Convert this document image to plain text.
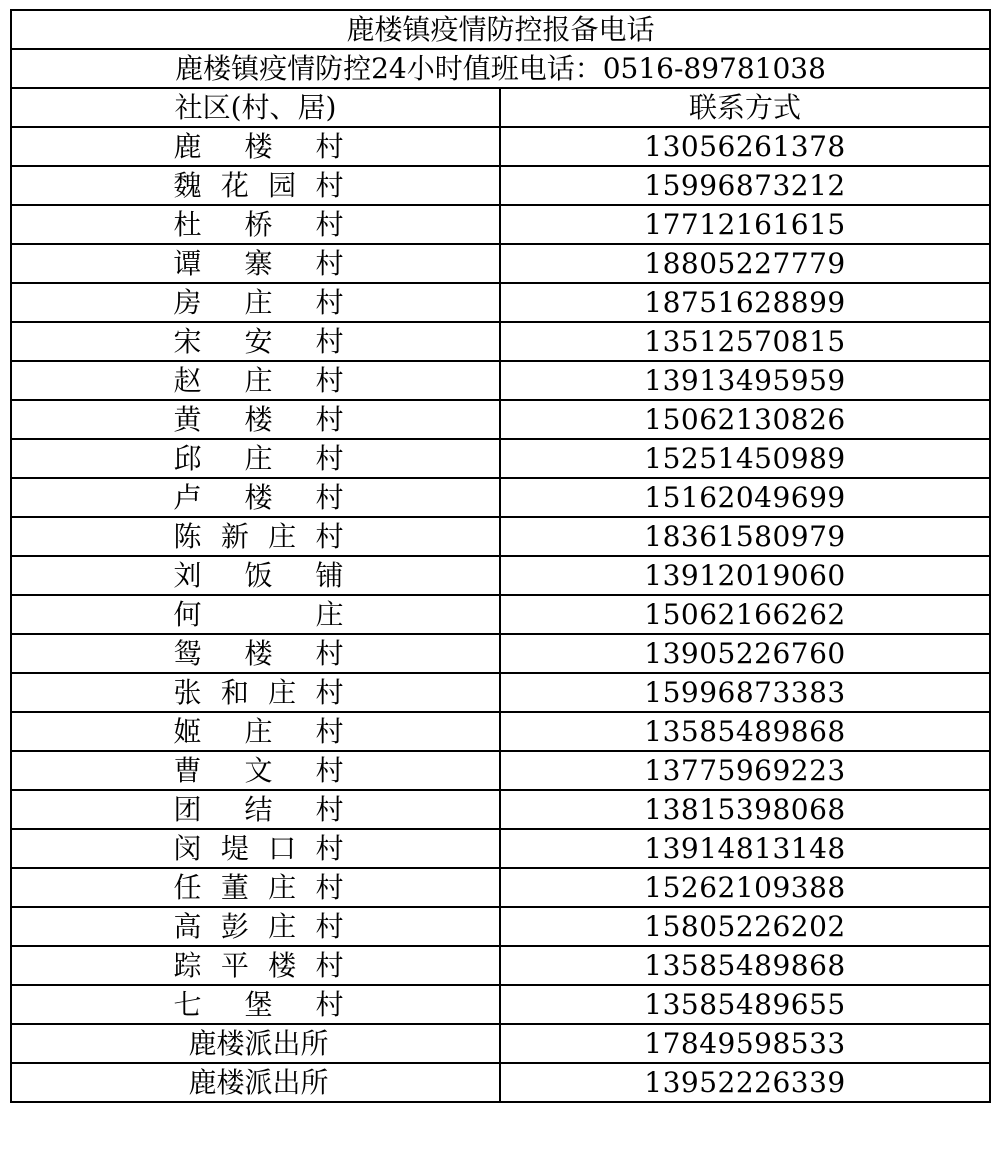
鹿楼镇疫情防控报备电话	
鹿楼镇疫情防控24小时值班电话：0516-89781038	
社区(村、居)	联系方式

鹿 楼 村	13056261378

魏 花 园 村	15996873212

杜 桥 村	17712161615

谭 寨 村	18805227779

房 庄 村	18751628899

宋 安 村	13512570815

赵 庄 村	13913495959

黄 楼 村	15062130826

邱 庄 村	15251450989

卢 楼 村	15162049699

陈 新 庄 村	18361580979

刘 饭 铺	13912019060

何 庄	15062166262

鸳 楼 村	13905226760

张 和 庄 村	15996873383

姬 庄 村	13585489868

曹 文 村	13775969223

团 结 村	13815398068

闵 堤 口 村	13914813148

任 董 庄 村	15262109388

高 彭 庄 村	15805226202

踪 平 楼 村	13585489868

七 堡 村	13585489655

鹿 楼 派 出 所	17849598533

鹿 楼 派 出 所	13952226339
